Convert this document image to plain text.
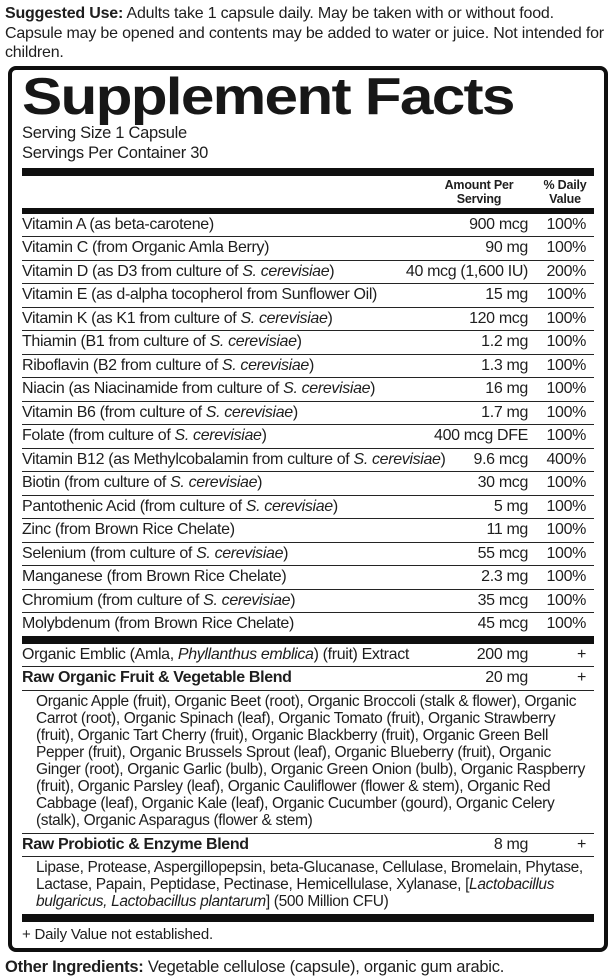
Suggested Use: Adults take 1 capsule daily. May be taken with or without food. Capsule may be opened and contents may be added to water or juice. Not intended for children.

Supplement Facts
Serving Size 1 Capsule
Servings Per Container 30
Amount Per Serving
% Daily Value
Vitamin A (as beta-carotene)	900 mcg	100%
Vitamin C (from Organic Amla Berry)	90 mg	100%
Vitamin D (as D3 from culture of S. cerevisiae)	40 mcg (1,600 IU)	200%
Vitamin E (as d-alpha tocopherol from Sunflower Oil)	15 mg	100%
Vitamin K (as K1 from culture of S. cerevisiae)	120 mcg	100%
Thiamin (B1 from culture of S. cerevisiae)	1.2 mg	100%
Riboflavin (B2 from culture of S. cerevisiae)	1.3 mg	100%
Niacin (as Niacinamide from culture of S. cerevisiae)	16 mg	100%
Vitamin B6 (from culture of S. cerevisiae)	1.7 mg	100%
Folate (from culture of S. cerevisiae)	400 mcg DFE	100%
Vitamin B12 (as Methylcobalamin from culture of S. cerevisiae)	9.6 mcg	400%
Biotin (from culture of S. cerevisiae)	30 mcg	100%
Pantothenic Acid (from culture of S. cerevisiae)	5 mg	100%
Zinc (from Brown Rice Chelate)	11 mg	100%
Selenium (from culture of S. cerevisiae)	55 mcg	100%
Manganese (from Brown Rice Chelate)	2.3 mg	100%
Chromium (from culture of S. cerevisiae)	35 mcg	100%
Molybdenum (from Brown Rice Chelate)	45 mcg	100%
Organic Emblic (Amla, Phyllanthus emblica) (fruit) Extract	200 mg	+
Raw Organic Fruit & Vegetable Blend	20 mg	+
Organic Apple (fruit), Organic Beet (root), Organic Broccoli (stalk & flower), Organic Carrot (root), Organic Spinach (leaf), Organic Tomato (fruit), Organic Strawberry (fruit), Organic Tart Cherry (fruit), Organic Blackberry (fruit), Organic Green Bell Pepper (fruit), Organic Brussels Sprout (leaf), Organic Blueberry (fruit), Organic Ginger (root), Organic Garlic (bulb), Organic Green Onion (bulb), Organic Raspberry (fruit), Organic Parsley (leaf), Organic Cauliflower (flower & stem), Organic Red Cabbage (leaf), Organic Kale (leaf), Organic Cucumber (gourd), Organic Celery (stalk), Organic Asparagus (flower & stem)
Raw Probiotic & Enzyme Blend	8 mg	+
Lipase, Protease, Aspergillopepsin, beta-Glucanase, Cellulase, Bromelain, Phytase, Lactase, Papain, Peptidase, Pectinase, Hemicellulase, Xylanase, [Lactobacillus bulgaricus, Lactobacillus plantarum] (500 Million CFU)
+ Daily Value not established.

Other Ingredients: Vegetable cellulose (capsule), organic gum arabic.
